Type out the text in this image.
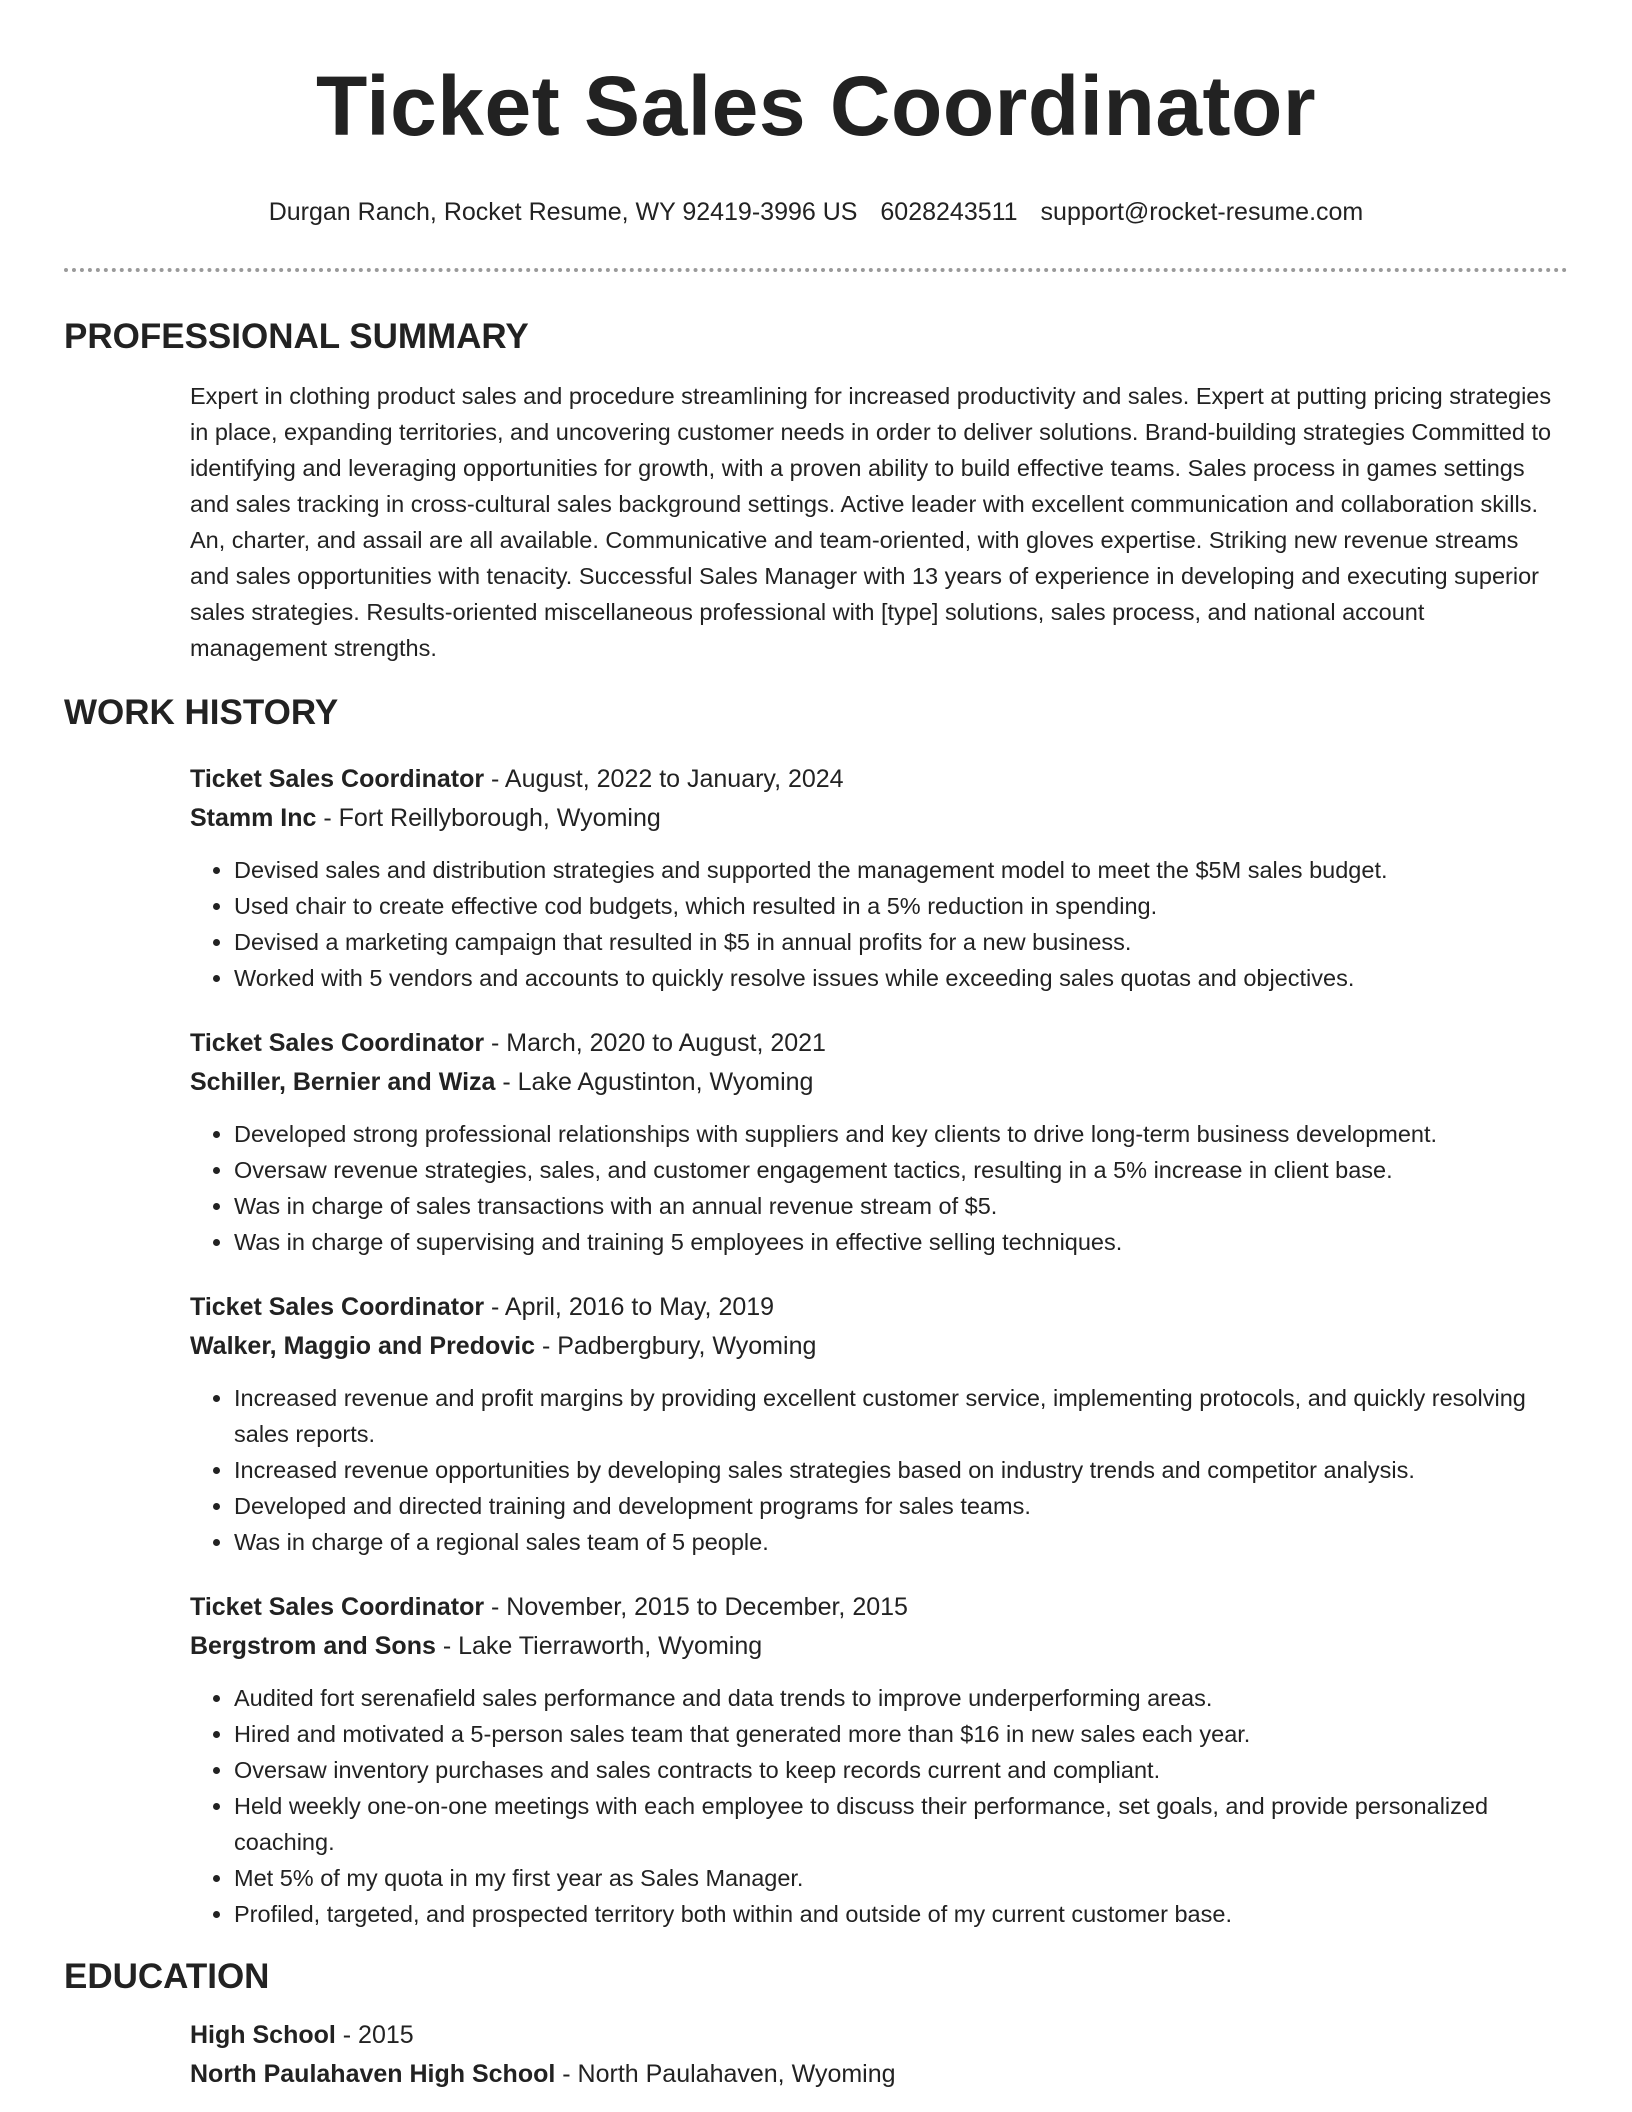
Ticket Sales Coordinator
Durgan Ranch, Rocket Resume, WY 92419-3996 US 6028243511 support@rocket-resume.com
PROFESSIONAL SUMMARY
Expert in clothing product sales and procedure streamlining for increased productivity and sales. Expert at putting pricing strategies in place, expanding territories, and uncovering customer needs in order to deliver solutions. Brand-building strategies Committed to identifying and leveraging opportunities for growth, with a proven ability to build effective teams. Sales process in games settings and sales tracking in cross-cultural sales background settings. Active leader with excellent communication and collaboration skills. An, charter, and assail are all available. Communicative and team-oriented, with gloves expertise. Striking new revenue streams and sales opportunities with tenacity. Successful Sales Manager with 13 years of experience in developing and executing superior sales strategies. Results-oriented miscellaneous professional with [type] solutions, sales process, and national account management strengths.
WORK HISTORY
Ticket Sales Coordinator - August, 2022 to January, 2024
Stamm Inc - Fort Reillyborough, Wyoming
• Devised sales and distribution strategies and supported the management model to meet the $5M sales budget.
• Used chair to create effective cod budgets, which resulted in a 5% reduction in spending.
• Devised a marketing campaign that resulted in $5 in annual profits for a new business.
• Worked with 5 vendors and accounts to quickly resolve issues while exceeding sales quotas and objectives.
Ticket Sales Coordinator - March, 2020 to August, 2021
Schiller, Bernier and Wiza - Lake Agustinton, Wyoming
• Developed strong professional relationships with suppliers and key clients to drive long-term business development.
• Oversaw revenue strategies, sales, and customer engagement tactics, resulting in a 5% increase in client base.
• Was in charge of sales transactions with an annual revenue stream of $5.
• Was in charge of supervising and training 5 employees in effective selling techniques.
Ticket Sales Coordinator - April, 2016 to May, 2019
Walker, Maggio and Predovic - Padbergbury, Wyoming
• Increased revenue and profit margins by providing excellent customer service, implementing protocols, and quickly resolving sales reports.
• Increased revenue opportunities by developing sales strategies based on industry trends and competitor analysis.
• Developed and directed training and development programs for sales teams.
• Was in charge of a regional sales team of 5 people.
Ticket Sales Coordinator - November, 2015 to December, 2015
Bergstrom and Sons - Lake Tierraworth, Wyoming
• Audited fort serenafield sales performance and data trends to improve underperforming areas.
• Hired and motivated a 5-person sales team that generated more than $16 in new sales each year.
• Oversaw inventory purchases and sales contracts to keep records current and compliant.
• Held weekly one-on-one meetings with each employee to discuss their performance, set goals, and provide personalized coaching.
• Met 5% of my quota in my first year as Sales Manager.
• Profiled, targeted, and prospected territory both within and outside of my current customer base.
EDUCATION
High School - 2015
North Paulahaven High School - North Paulahaven, Wyoming
